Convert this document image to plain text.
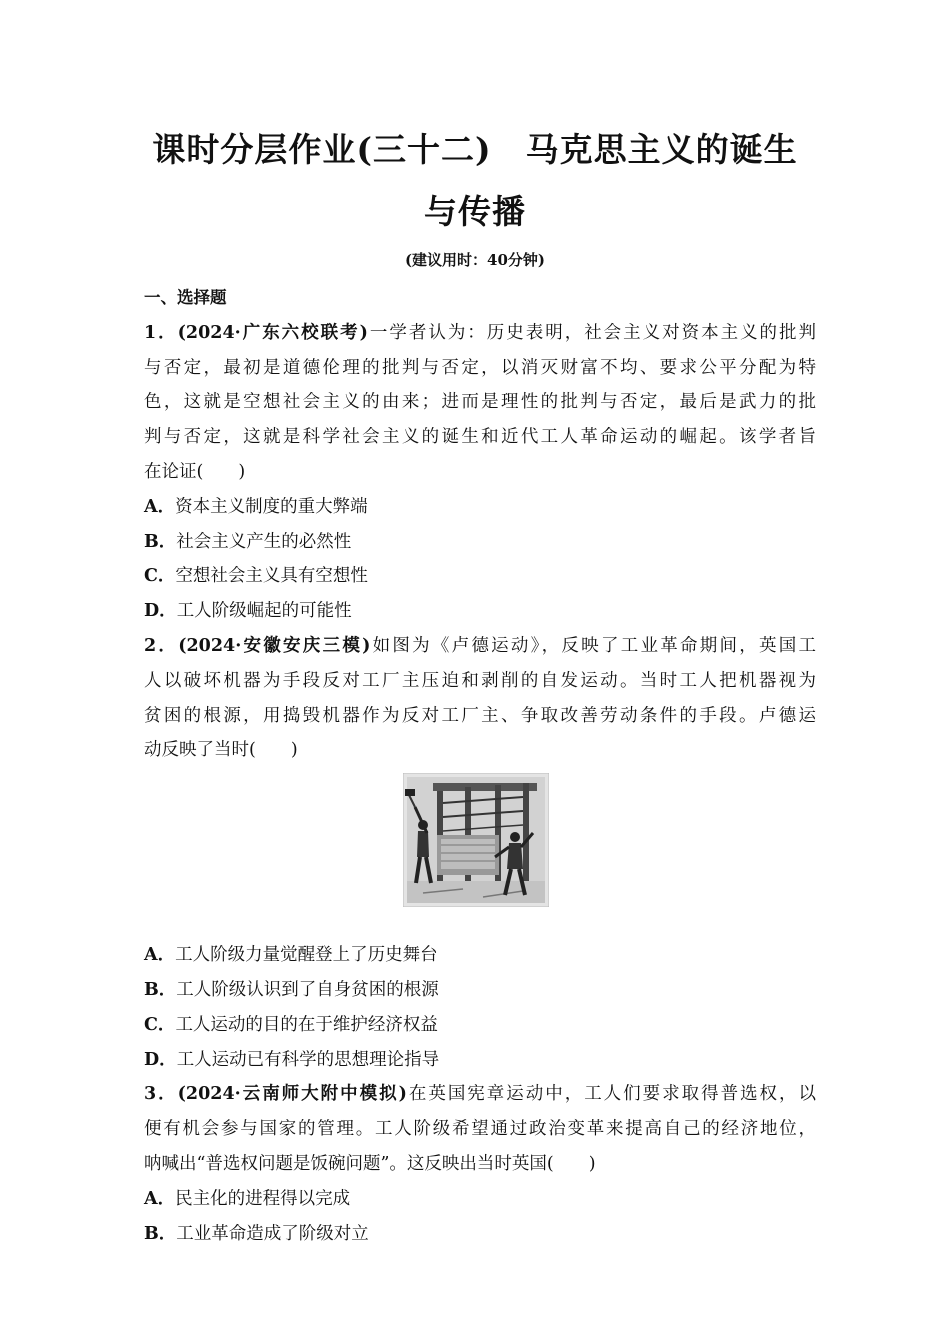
课时分层作业(三十二)　马克思主义的诞生
与传播
(建议用时：40分钟)
一、选择题
1．(2024·广东六校联考)一学者认为：历史表明，社会主义对资本主义的批判
与否定，最初是道德伦理的批判与否定，以消灭财富不均、要求公平分配为特
色，这就是空想社会主义的由来；进而是理性的批判与否定，最后是武力的批
判与否定，这就是科学社会主义的诞生和近代工人革命运动的崛起。该学者旨
在论证(　　)
A．资本主义制度的重大弊端
B．社会主义产生的必然性
C．空想社会主义具有空想性
D．工人阶级崛起的可能性
2．(2024·安徽安庆三模)如图为《卢德运动》，反映了工业革命期间，英国工
人以破坏机器为手段反对工厂主压迫和剥削的自发运动。当时工人把机器视为
贫困的根源，用捣毁机器作为反对工厂主、争取改善劳动条件的手段。卢德运
动反映了当时(　　)
A．工人阶级力量觉醒登上了历史舞台
B．工人阶级认识到了自身贫困的根源
C．工人运动的目的在于维护经济权益
D．工人运动已有科学的思想理论指导
3．(2024·云南师大附中模拟)在英国宪章运动中，工人们要求取得普选权，以
便有机会参与国家的管理。工人阶级希望通过政治变革来提高自己的经济地位，
呐喊出“普选权问题是饭碗问题”。这反映出当时英国(　　)
A．民主化的进程得以完成
B．工业革命造成了阶级对立
